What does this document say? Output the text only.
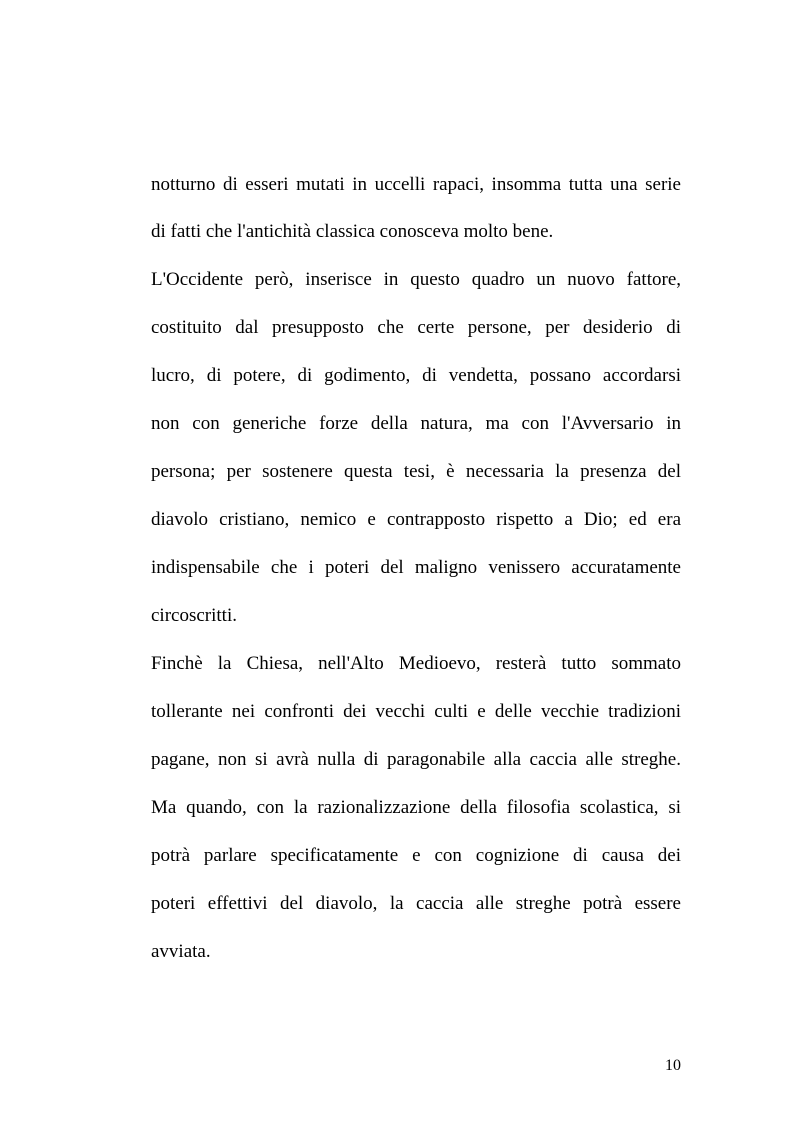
notturno di esseri mutati in uccelli rapaci, insomma tutta una serie
di fatti che l'antichità classica conosceva molto bene.
L'Occidente però, inserisce in questo quadro un nuovo fattore,
costituito dal presupposto che certe persone, per desiderio di
lucro, di potere, di godimento, di vendetta, possano accordarsi
non con generiche forze della natura, ma con l'Avversario in
persona; per sostenere questa tesi, è necessaria la presenza del
diavolo cristiano, nemico e contrapposto rispetto a Dio; ed era
indispensabile che i poteri del maligno venissero accuratamente
circoscritti.
Finchè la Chiesa, nell'Alto Medioevo, resterà tutto sommato
tollerante nei confronti dei vecchi culti e delle vecchie tradizioni
pagane, non si avrà nulla di paragonabile alla caccia alle streghe.
Ma quando, con la razionalizzazione della filosofia scolastica, si
potrà parlare specificatamente e con cognizione di causa dei
poteri effettivi del diavolo, la caccia alle streghe potrà essere
avviata.
10
